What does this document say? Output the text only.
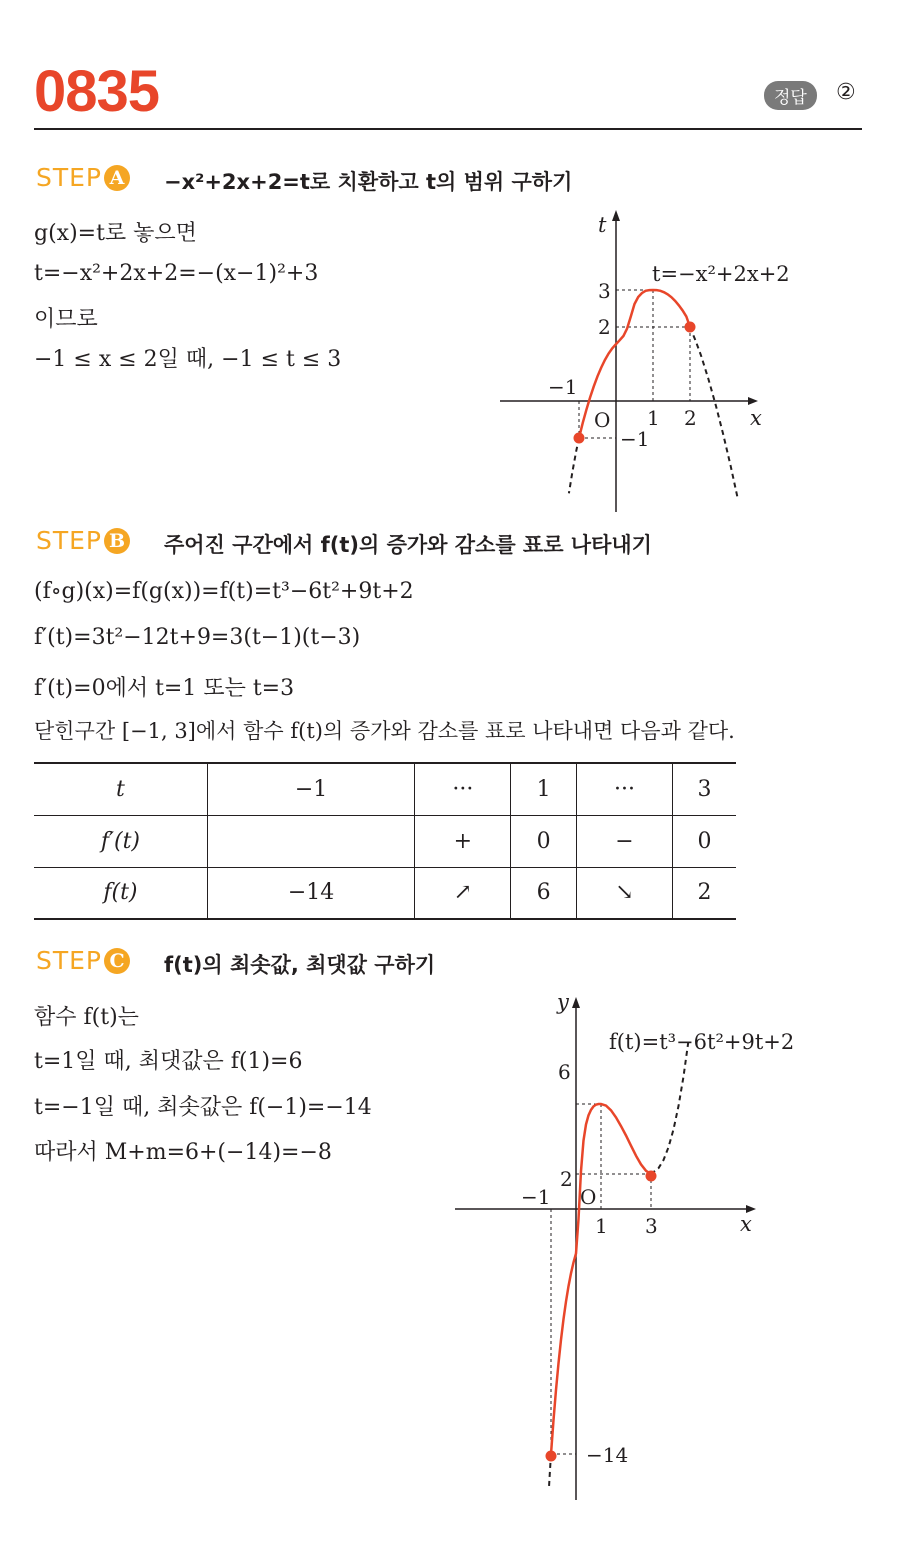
0835	정답	②
STEP A −x²+2x+2=t로 치환하고 t의 범위 구하기
g(x)=t로 놓으면
t=−x²+2x+2=−(x−1)²+3
이므로
−1 ≤ x ≤ 2일 때, −1 ≤ t ≤ 3
t
x
O
t=−x²+2x+2
3
2
−1
−1
1 2
STEP B 주어진 구간에서 f(t)의 증가와 감소를 표로 나타내기
(f∘g)(x)=f(g(x))=f(t)=t³−6t²+9t+2
f′(t)=3t²−12t+9=3(t−1)(t−3)
f′(t)=0에서 t=1 또는 t=3
닫힌구간 [−1, 3]에서 함수 f(t)의 증가와 감소를 표로 나타내면 다음과 같다.
t	−1	···	1	···	3
f′(t)		+	0	−	0
f(t)	−14	↗	6	↘	2
STEP C f(t)의 최솟값, 최댓값 구하기
함수 f(t)는
t=1일 때, 최댓값은 f(1)=6
t=−1일 때, 최솟값은 f(−1)=−14
따라서 M+m=6+(−14)=−8
y
x
O
f(t)=t³−6t²+9t+2
6
2
−14
−1
1 3
